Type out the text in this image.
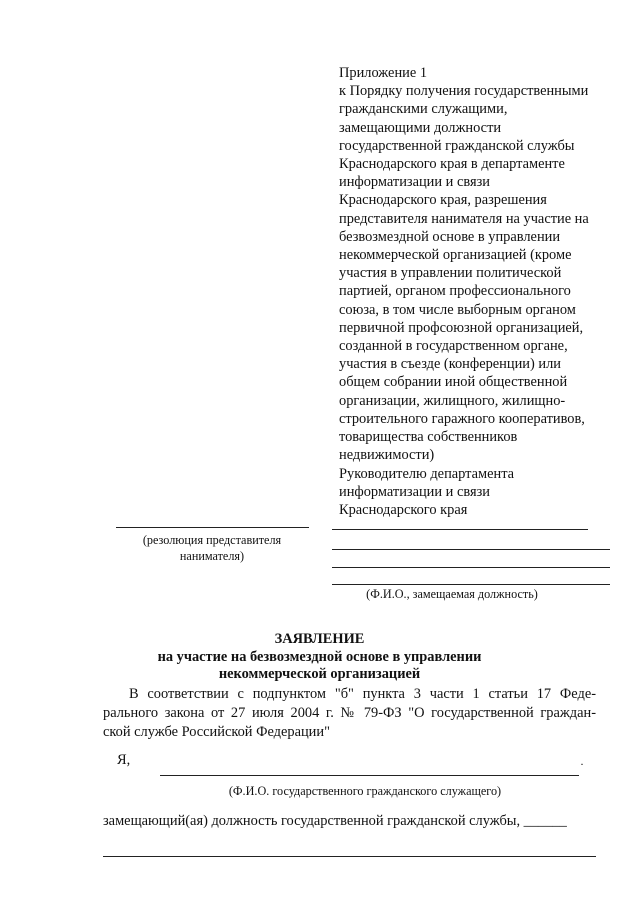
Приложение 1
к Порядку получения государственными
гражданскими служащими,
замещающими должности
государственной гражданской службы
Краснодарского края в департаменте
информатизации и связи
Краснодарского края, разрешения
представителя нанимателя на участие на
безвозмездной основе в управлении
некоммерческой организацией (кроме
участия в управлении политической
партией, органом профессионального
союза, в том числе выборным органом
первичной профсоюзной организацией,
созданной в государственном органе,
участия в съезде (конференции) или
общем собрании иной общественной
организации, жилищного, жилищно-
строительного гаражного кооперативов,
товарищества собственников
недвижимости)
Руководителю департамента
информатизации и связи
Краснодарского края
(резолюция представителя
нанимателя)
(Ф.И.О., замещаемая должность)
ЗАЯВЛЕНИЕ
на участие на безвозмездной основе в управлении
некоммерческой организацией
В соответствии с подпунктом "б" пункта 3 части 1 статьи 17 Феде-
рального закона от 27 июля 2004 г. № 79-ФЗ "О государственной граждан-
ской службе Российской Федерации"
Я,	·
(Ф.И.О. государственного гражданского служащего)
замещающий(ая) должность государственной гражданской службы, ______
